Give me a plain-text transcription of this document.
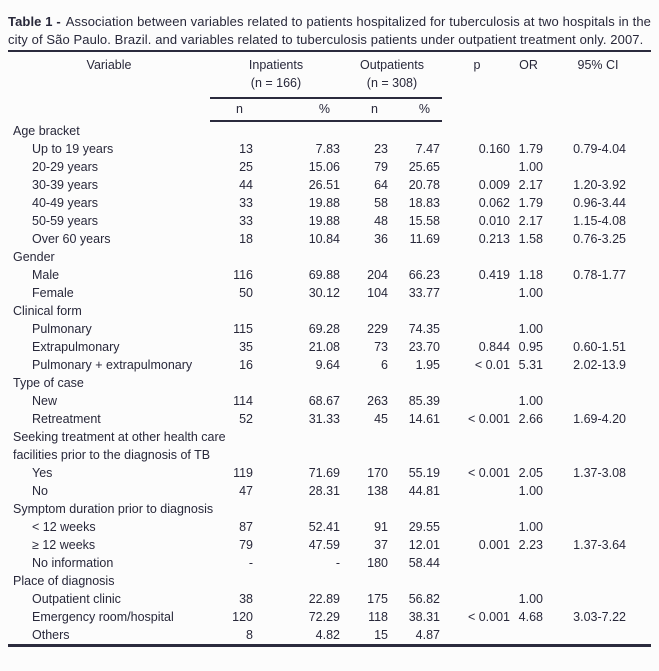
Table 1 - Association between variables related to patients hospitalized for tuberculosis at two hospitals in the city of São Paulo. Brazil. and variables related to tuberculosis patients under outpatient treatment only. 2007.
Variable	Inpatients		Outpatients		p	OR	95% CI
	(n = 166)		(n = 308)				
	n	%	n	%			
Age bracket							
Up to 19 years	13	7.83	23	7.47	0.160	1.79	0.79-4.04
20-29 years	25	15.06	79	25.65		1.00	
30-39 years	44	26.51	64	20.78	0.009	2.17	1.20-3.92
40-49 years	33	19.88	58	18.83	0.062	1.79	0.96-3.44
50-59 years	33	19.88	48	15.58	0.010	2.17	1.15-4.08
Over 60 years	18	10.84	36	11.69	0.213	1.58	0.76-3.25
Gender							
Male	116	69.88	204	66.23	0.419	1.18	0.78-1.77
Female	50	30.12	104	33.77		1.00	
Clinical form							
Pulmonary	115	69.28	229	74.35		1.00	
Extrapulmonary	35	21.08	73	23.70	0.844	0.95	0.60-1.51
Pulmonary + extrapulmonary	16	9.64	6	1.95	< 0.01	5.31	2.02-13.9
Type of case							
New	114	68.67	263	85.39		1.00	
Retreatment	52	31.33	45	14.61	< 0.001	2.66	1.69-4.20
Seeking treatment at other health care facilities prior to the diagnosis of TB							
Yes	119	71.69	170	55.19	< 0.001	2.05	1.37-3.08
No	47	28.31	138	44.81		1.00	
Symptom duration prior to diagnosis							
< 12 weeks	87	52.41	91	29.55		1.00	
≥ 12 weeks	79	47.59	37	12.01	0.001	2.23	1.37-3.64
No information	-	-	180	58.44			
Place of diagnosis							
Outpatient clinic	38	22.89	175	56.82		1.00	
Emergency room/hospital	120	72.29	118	38.31	< 0.001	4.68	3.03-7.22
Others	8	4.82	15	4.87			
